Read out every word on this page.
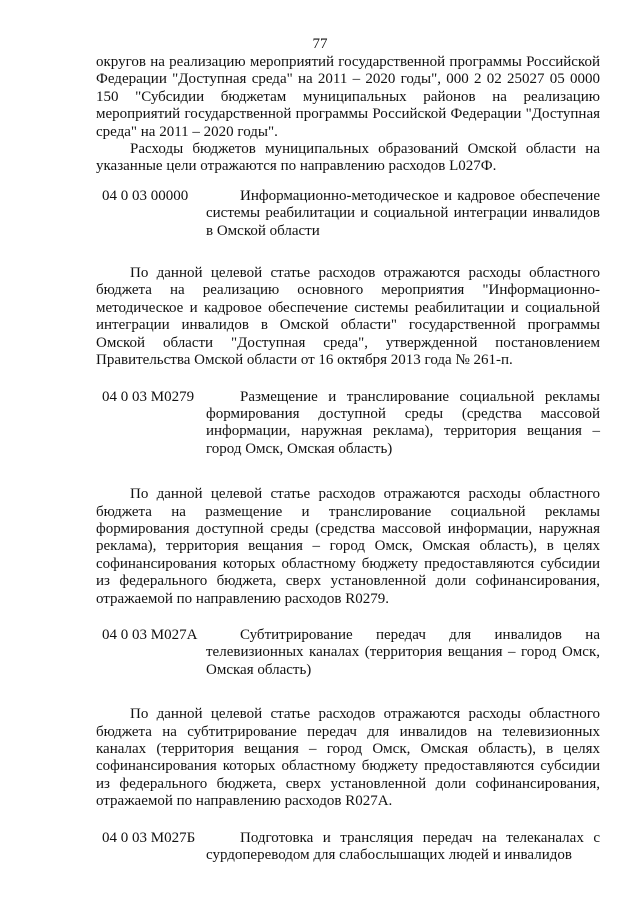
77

округов на реализацию мероприятий государственной программы Российской Федерации "Доступная среда" на 2011 – 2020 годы", 000 2 02 25027 05 0000 150 "Субсидии бюджетам муниципальных районов на реализацию мероприятий государственной программы Российской Федерации "Доступная среда" на 2011 – 2020 годы".

Расходы бюджетов муниципальных образований Омской области на указанные цели отражаются по направлению расходов L027Ф.

04 0 03 00000	Информационно-методическое и кадровое обеспечение системы реабилитации и социальной интеграции инвалидов в Омской области

По данной целевой статье расходов отражаются расходы областного бюджета на реализацию основного мероприятия "Информационно-методическое и кадровое обеспечение системы реабилитации и социальной интеграции инвалидов в Омской области" государственной программы Омской области "Доступная среда", утвержденной постановлением Правительства Омской области от 16 октября 2013 года № 261-п.

04 0 03 М0279	Размещение и транслирование социальной рекламы формирования доступной среды (средства массовой информации, наружная реклама), территория вещания – город Омск, Омская область)

По данной целевой статье расходов отражаются расходы областного бюджета на размещение и транслирование социальной рекламы формирования доступной среды (средства массовой информации, наружная реклама), территория вещания – город Омск, Омская область), в целях софинансирования которых областному бюджету предоставляются субсидии из федерального бюджета, сверх установленной доли софинансирования, отражаемой по направлению расходов R0279.

04 0 03 М027А	Субтитрирование передач для инвалидов на телевизионных каналах (территория вещания – город Омск, Омская область)

По данной целевой статье расходов отражаются расходы областного бюджета на субтитрирование передач для инвалидов на телевизионных каналах (территория вещания – город Омск, Омская область), в целях софинансирования которых областному бюджету предоставляются субсидии из федерального бюджета, сверх установленной доли софинансирования, отражаемой по направлению расходов R027А.

04 0 03 М027Б	Подготовка и трансляция передач на телеканалах с сурдопереводом для слабослышащих людей и инвалидов
